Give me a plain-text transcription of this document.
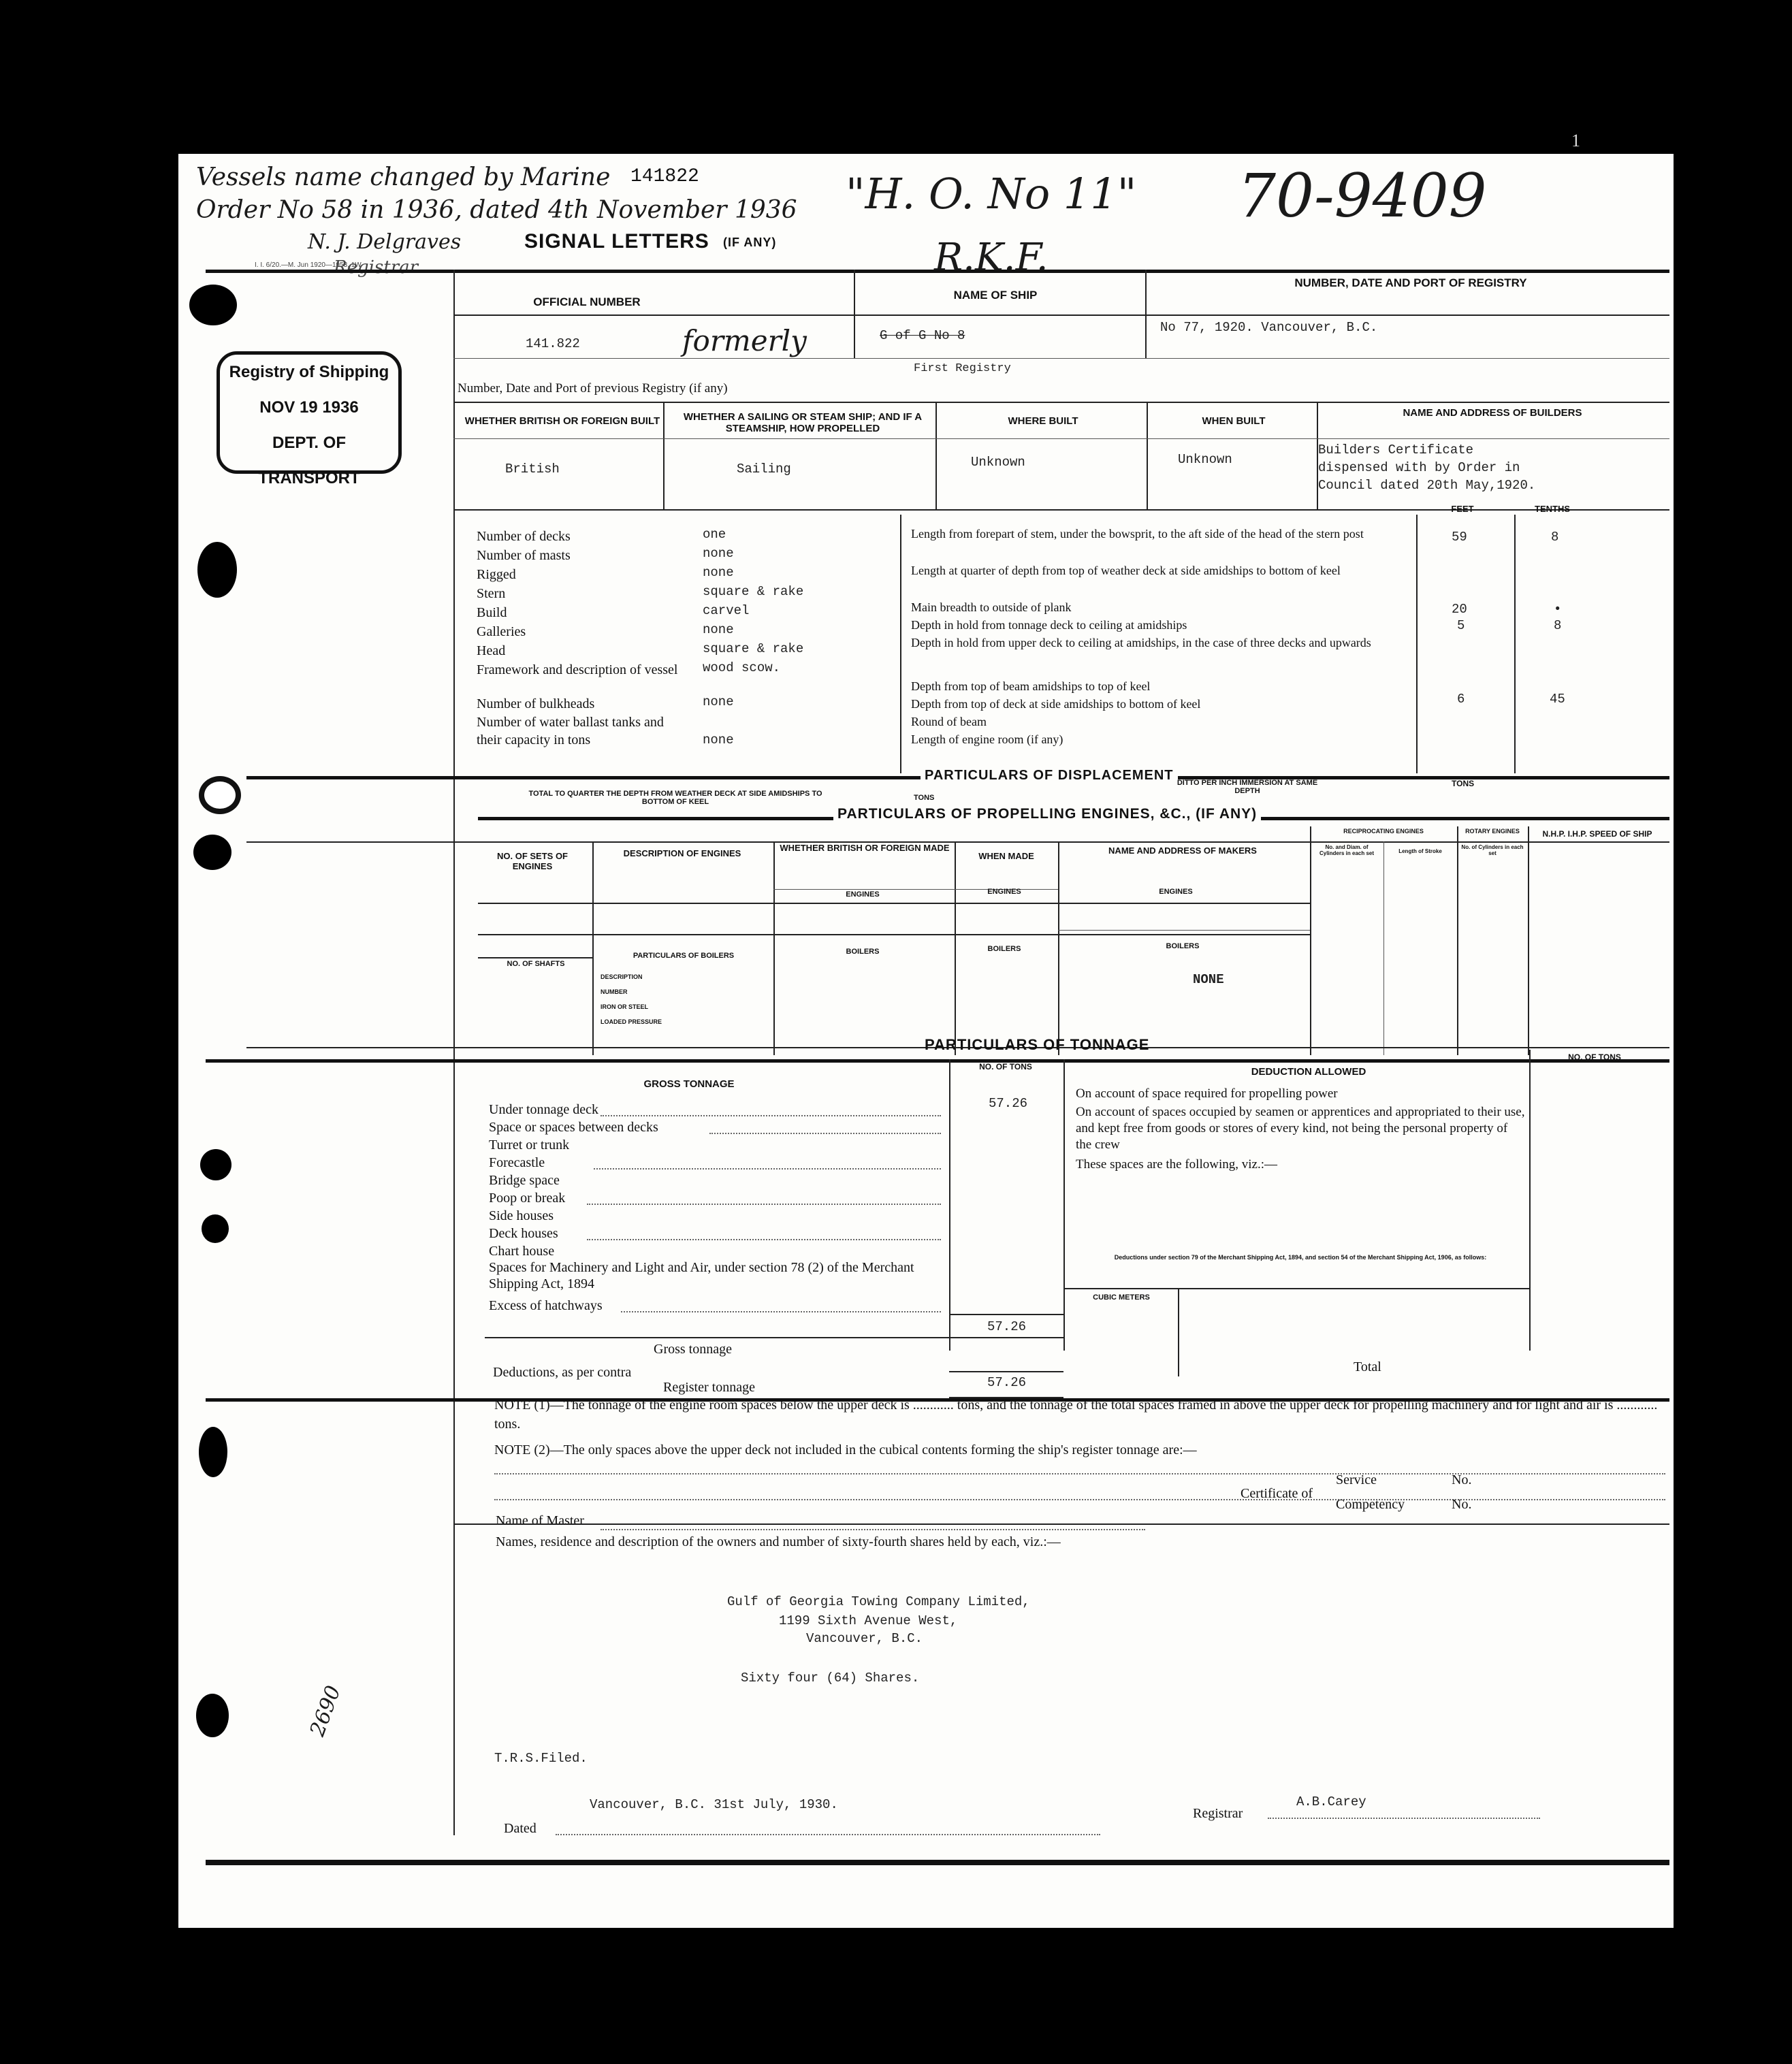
1
Vessels name changed by Marine 141822
Order No 58 in 1936, dated 4th November 1936
N. J. Delgraves
Registrar
I. I. 6/20.—M. Jun 1920—1953, 1W
"H. O. No 11" 70-9409
R.K.F.
SIGNAL LETTERS (IF ANY)
Registry of Shipping
NOV 19 1936
DEPT. OF TRANSPORT
OFFICIAL NUMBER
NAME OF SHIP
NUMBER, DATE AND PORT OF REGISTRY
141.822
G of G No 8
formerly	No 77, 1920. Vancouver, B.C.
Number, Date and Port of previous Registry (if any)
First Registry
WHETHER BRITISH OR FOREIGN BUILT	WHETHER A SAILING OR STEAM SHIP; AND IF A STEAMSHIP, HOW PROPELLED
WHERE BUILT	WHEN BUILT
NAME AND ADDRESS OF BUILDERS
British	Sailing	Unknown	Unknown
Builders Certificate
dispensed with by Order in
Council dated 20th May,1920.
FEET	TENTHS
Number of decks	one
Number of masts	none
Rigged	none
Stern	square & rake
Build	carvel
Galleries	none
Head	square & rake
Framework and description of vessel	wood scow.
Number of bulkheads	none
Number of water ballast tanks and their capacity in tons	none
Length from forepart of stem, under the bowsprit, to the aft side of the head of the stern post	59	8
Length at quarter of depth from top of weather deck at side amidships to bottom of keel
Main breadth to outside of plank	20	•
Depth in hold from tonnage deck to ceiling at amidships	5	8
Depth in hold from upper deck to ceiling at amidships, in the case of three decks and upwards
Depth from top of beam amidships to top of keel
Depth from top of deck at side amidships to bottom of keel	6	45
Round of beam
Length of engine room (if any)
PARTICULARS OF DISPLACEMENT
TOTAL TO QUARTER THE DEPTH FROM WEATHER DECK AT SIDE AMIDSHIPS TO BOTTOM OF KEEL	TONS
DITTO PER INCH IMMERSION AT SAME DEPTH
TONS
PARTICULARS OF PROPELLING ENGINES, &C., (IF ANY)
NO. OF SETS OF ENGINES
DESCRIPTION OF ENGINES
WHETHER BRITISH OR FOREIGN MADE
WHEN MADE
NAME AND ADDRESS OF MAKERS
RECIPROCATING ENGINES
No. and Diam. of Cylinders in each set	Length of Stroke
ROTARY ENGINES
No. of Cylinders in each set
N.H.P. I.H.P. SPEED OF SHIP
ENGINES	ENGINES	ENGINES
NO. OF SHAFTS
PARTICULARS OF BOILERS
DESCRIPTION
NUMBER
IRON OR STEEL
LOADED PRESSURE
BOILERS	BOILERS	BOILERS
NONE
PARTICULARS OF TONNAGE
GROSS TONNAGE
NO. OF TONS	DEDUCTION ALLOWED
NO. OF TONS
Under tonnage deck	57.26
Space or spaces between decks
Turret or trunk
Forecastle
Bridge space
Poop or break
Side houses
Deck houses
Chart house
Spaces for Machinery and Light and Air, under section 78 (2) of the Merchant Shipping Act, 1894
Excess of hatchways
57.26
Gross tonnage
Deductions, as per contra
Register tonnage	57.26
On account of space required for propelling power
On account of spaces occupied by seamen or apprentices and appropriated to their use, and kept free from goods or stores of every kind, not being the personal property of the crew
These spaces are the following, viz.:—
Deductions under section 79 of the Merchant Shipping Act, 1894, and section 54 of the Merchant Shipping Act, 1906, as follows:
CUBIC METERS
Total
NOTE (1)—The tonnage of the engine room spaces below the upper deck is ............ tons, and the tonnage of the total spaces framed in above the upper deck for propelling machinery and for light and air is ............ tons.
NOTE (2)—The only spaces above the upper deck not included in the cubical contents forming the ship's register tonnage are:—
Name of Master
Certificate of
Service	No.
Competency	No.
Names, residence and description of the owners and number of sixty-fourth shares held by each, viz.:—
Gulf of Georgia Towing Company Limited,
1199 Sixth Avenue West,
Vancouver, B.C.
Sixty four (64) Shares.
2690
T.R.S.Filed.
Dated
Vancouver, B.C. 31st July, 1930.
Registrar
A.B.Carey
